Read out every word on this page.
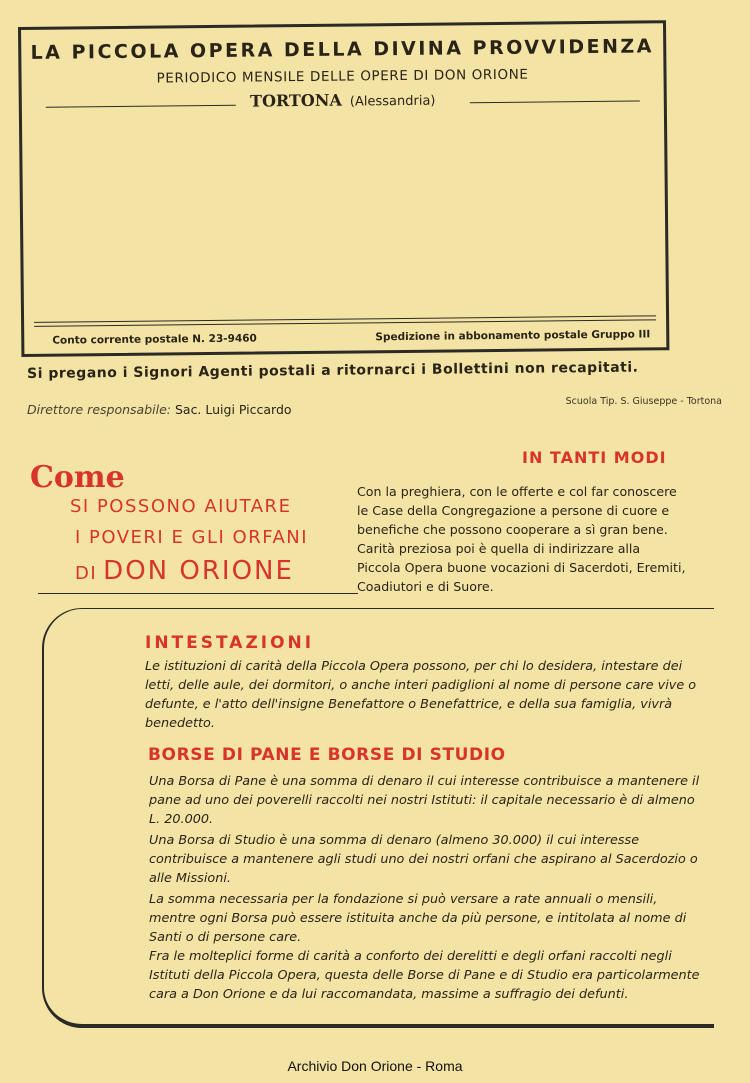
LA PICCOLA OPERA DELLA DIVINA PROVVIDENZA
PERIODICO MENSILE DELLE OPERE DI DON ORIONE
TORTONA (Alessandria)
Conto corrente postale N. 23-9460	Spedizione in abbonamento postale Gruppo III
Si pregano i Signori Agenti postali a ritornarci i Bollettini non recapitati.
Direttore responsabile: Sac. Luigi Piccardo
Scuola Tip. S. Giuseppe - Tortona
Come
SI POSSONO AIUTARE
I POVERI E GLI ORFANI
DI DON ORIONE
IN TANTI MODI
Con la preghiera, con le offerte e col far conoscere le Case della Congregazione a persone di cuore e benefiche che possono cooperare a sì gran bene. Carità preziosa poi è quella di indirizzare alla Piccola Opera buone vocazioni di Sacerdoti, Eremiti, Coadiutori e di Suore.
INTESTAZIONI
Le istituzioni di carità della Piccola Opera possono, per chi lo desidera, intestare dei letti, delle aule, dei dormitori, o anche interi padiglioni al nome di persone care vive o defunte, e l'atto dell'insigne Benefattore o Benefattrice, e della sua famiglia, vivrà benedetto.
BORSE DI PANE E BORSE DI STUDIO
Una Borsa di Pane è una somma di denaro il cui interesse contribuisce a mantenere il pane ad uno dei poverelli raccolti nei nostri Istituti: il capitale necessario è di almeno L. 20.000.
Una Borsa di Studio è una somma di denaro (almeno 30.000) il cui interesse contribuisce a mantenere agli studi uno dei nostri orfani che aspirano al Sacerdozio o alle Missioni.
La somma necessaria per la fondazione si può versare a rate annuali o mensili, mentre ogni Borsa può essere istituita anche da più persone, e intitolata al nome di Santi o di persone care.
Fra le molteplici forme di carità a conforto dei derelitti e degli orfani raccolti negli Istituti della Piccola Opera, questa delle Borse di Pane e di Studio era particolarmente cara a Don Orione e da lui raccomandata, massime a suffragio dei defunti.
Archivio Don Orione - Roma
